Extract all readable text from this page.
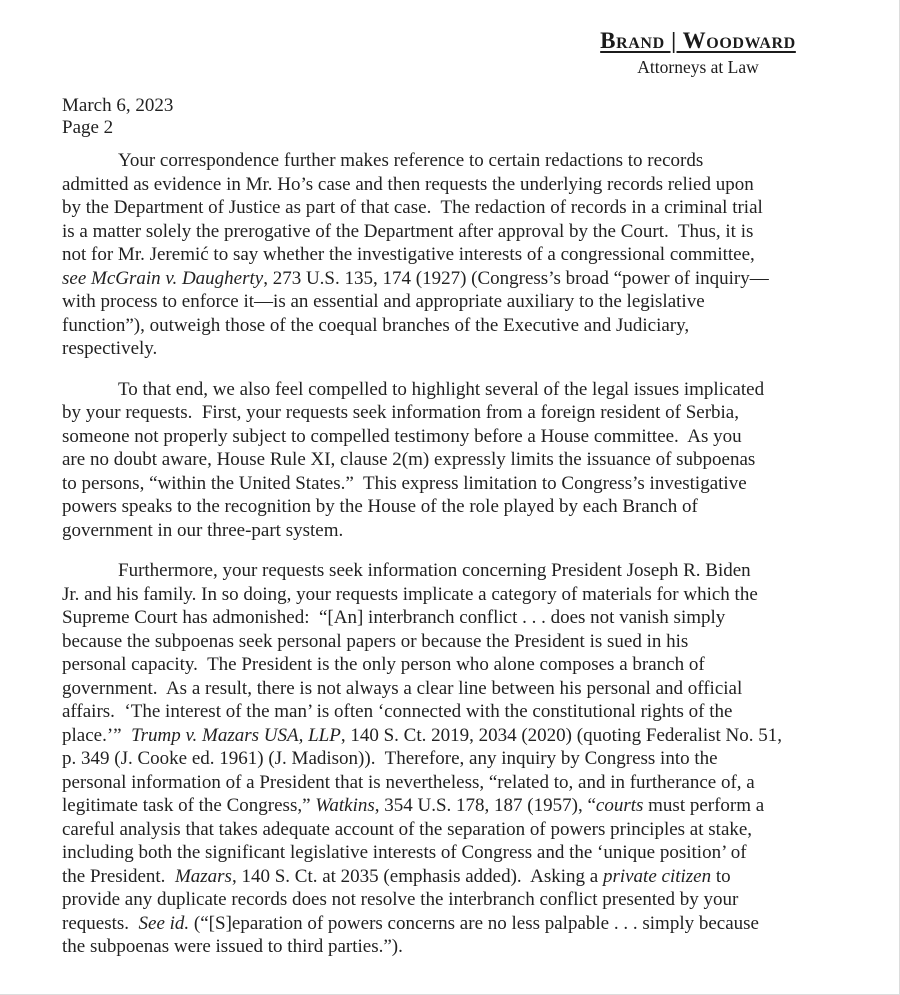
Brand | Woodward
Attorneys at Law
March 6, 2023
Page 2
Your correspondence further makes reference to certain redactions to records
admitted as evidence in Mr. Ho’s case and then requests the underlying records relied upon
by the Department of Justice as part of that case.  The redaction of records in a criminal trial
is a matter solely the prerogative of the Department after approval by the Court.  Thus, it is
not for Mr. Jeremić to say whether the investigative interests of a congressional committee,
see McGrain v. Daugherty, 273 U.S. 135, 174 (1927) (Congress’s broad “power of inquiry—
with process to enforce it—is an essential and appropriate auxiliary to the legislative
function”), outweigh those of the coequal branches of the Executive and Judiciary,
respectively.
To that end, we also feel compelled to highlight several of the legal issues implicated
by your requests.  First, your requests seek information from a foreign resident of Serbia,
someone not properly subject to compelled testimony before a House committee.  As you
are no doubt aware, House Rule XI, clause 2(m) expressly limits the issuance of subpoenas
to persons, “within the United States.”  This express limitation to Congress’s investigative
powers speaks to the recognition by the House of the role played by each Branch of
government in our three-part system.
Furthermore, your requests seek information concerning President Joseph R. Biden
Jr. and his family. In so doing, your requests implicate a category of materials for which the
Supreme Court has admonished:  “[An] interbranch conflict . . . does not vanish simply
because the subpoenas seek personal papers or because the President is sued in his
personal capacity.  The President is the only person who alone composes a branch of
government.  As a result, there is not always a clear line between his personal and official
affairs.  ‘The interest of the man’ is often ‘connected with the constitutional rights of the
place.’”  Trump v. Mazars USA, LLP, 140 S. Ct. 2019, 2034 (2020) (quoting Federalist No. 51,
p. 349 (J. Cooke ed. 1961) (J. Madison)).  Therefore, any inquiry by Congress into the
personal information of a President that is nevertheless, “related to, and in furtherance of, a
legitimate task of the Congress,” Watkins, 354 U.S. 178, 187 (1957), “courts must perform a
careful analysis that takes adequate account of the separation of powers principles at stake,
including both the significant legislative interests of Congress and the ‘unique position’ of
the President.  Mazars, 140 S. Ct. at 2035 (emphasis added).  Asking a private citizen to
provide any duplicate records does not resolve the interbranch conflict presented by your
requests.  See id. (“[S]eparation of powers concerns are no less palpable . . . simply because
the subpoenas were issued to third parties.”).
